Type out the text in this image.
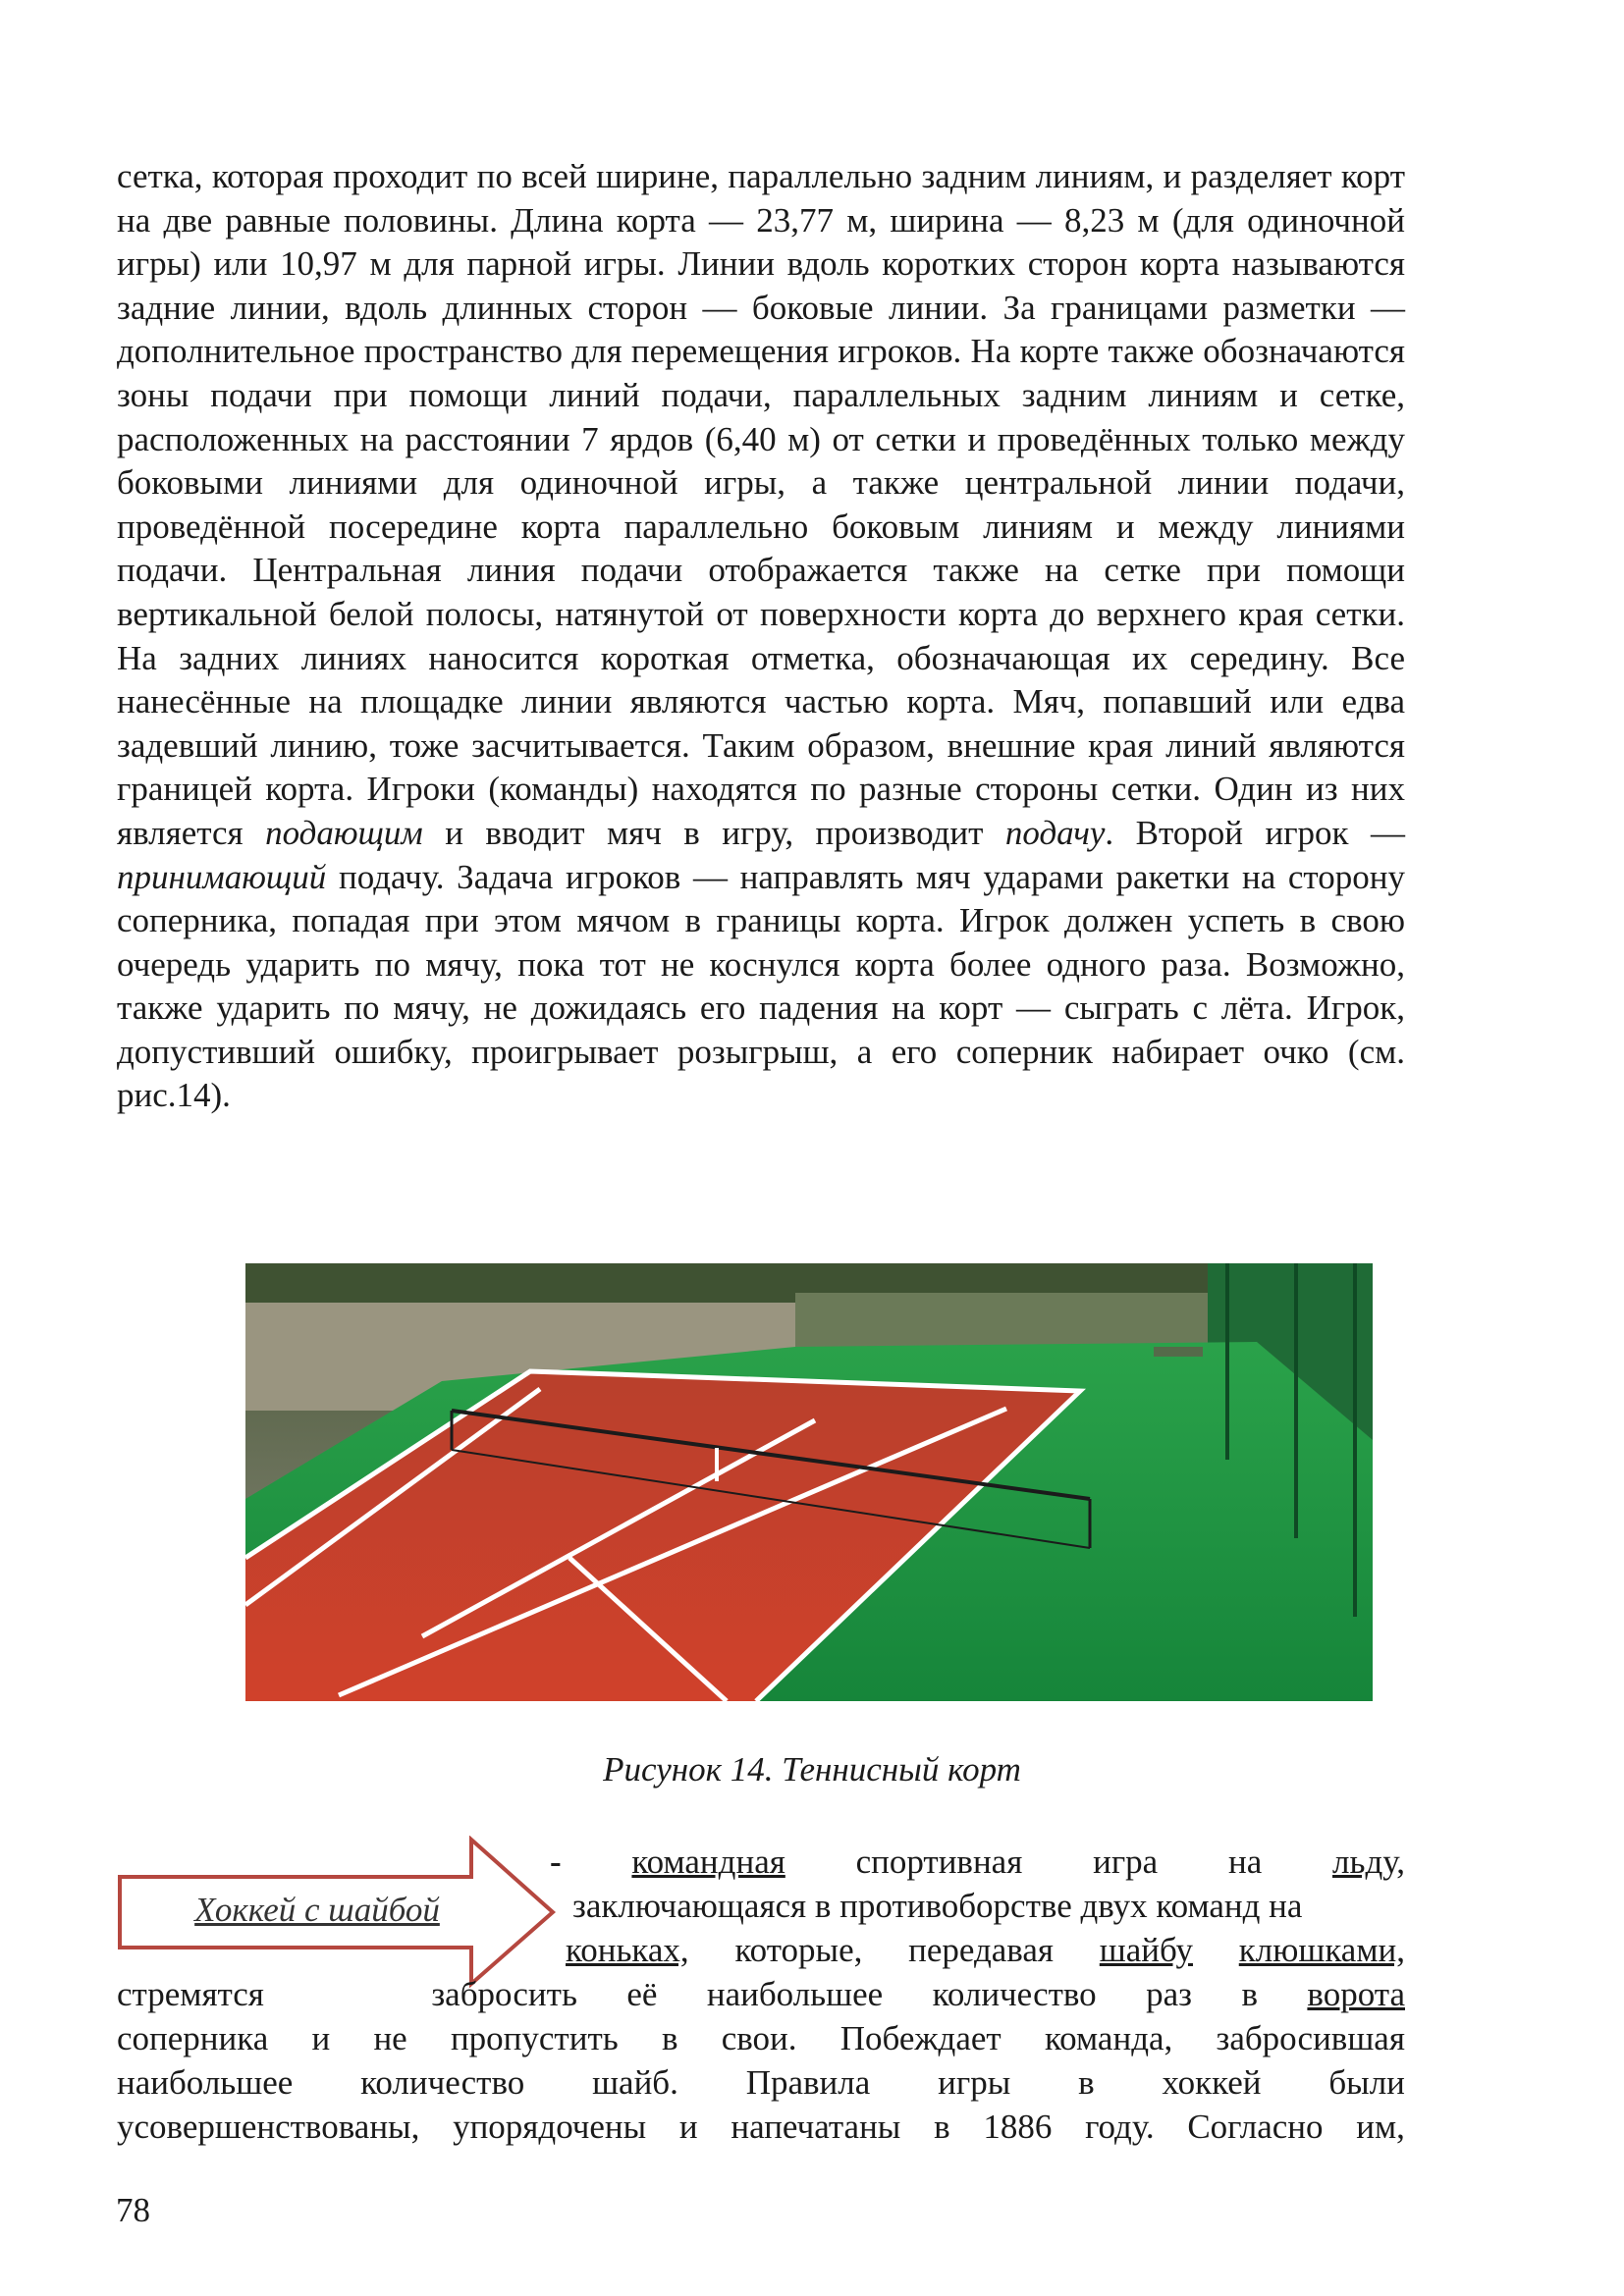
сетка, которая проходит по всей ширине, параллельно задним линиям, и разделяет корт на две равные половины. Длина корта — 23,77 м, ширина — 8,23 м (для одиночной игры) или 10,97 м для парной игры. Линии вдоль коротких сторон корта называются задние линии, вдоль длинных сторон — боковые линии. За границами разметки — дополнительное пространство для перемещения игроков. На корте также обозначаются зоны подачи при помощи линий подачи, параллельных задним линиям и сетке, расположенных на расстоянии 7 ярдов (6,40 м) от сетки и проведённых только между боковыми линиями для одиночной игры, а также центральной линии подачи, проведённой посередине корта параллельно боковым линиям и между линиями подачи. Центральная линия подачи отображается также на сетке при помощи вертикальной белой полосы, натянутой от поверхности корта до верхнего края сетки. На задних линиях наносится короткая отметка, обозначающая их середину. Все нанесённые на площадке линии являются частью корта. Мяч, попавший или едва задевший линию, тоже засчитывается. Таким образом, внешние края линий являются границей корта. Игроки (команды) находятся по разные стороны сетки. Один из них является подающим и вводит мяч в игру, производит подачу. Второй игрок — принимающий подачу. Задача игроков — направлять мяч ударами ракетки на сторону соперника, попадая при этом мячом в границы корта. Игрок должен успеть в свою очередь ударить по мячу, пока тот не коснулся корта более одного раза. Возможно, также ударить по мячу, не дожидаясь его падения на корт — сыграть с лёта. Игрок, допустивший ошибку, проигрывает розыгрыш, а его соперник набирает очко (см. рис.14).

Рисунок 14. Теннисный корт

Хоккей с шайбой
- командная спортивная игра на льду,
заключающаяся в противоборстве двух команд на
коньках, которые, передавая шайбу клюшками,
стремятся	забросить её наибольшее количество раз в ворота
соперника и не пропустить в свои. Побеждает команда, забросившая
наибольшее количество шайб. Правила игры в хоккей были
усовершенствованы, упорядочены и напечатаны в 1886 году. Согласно им,
78
